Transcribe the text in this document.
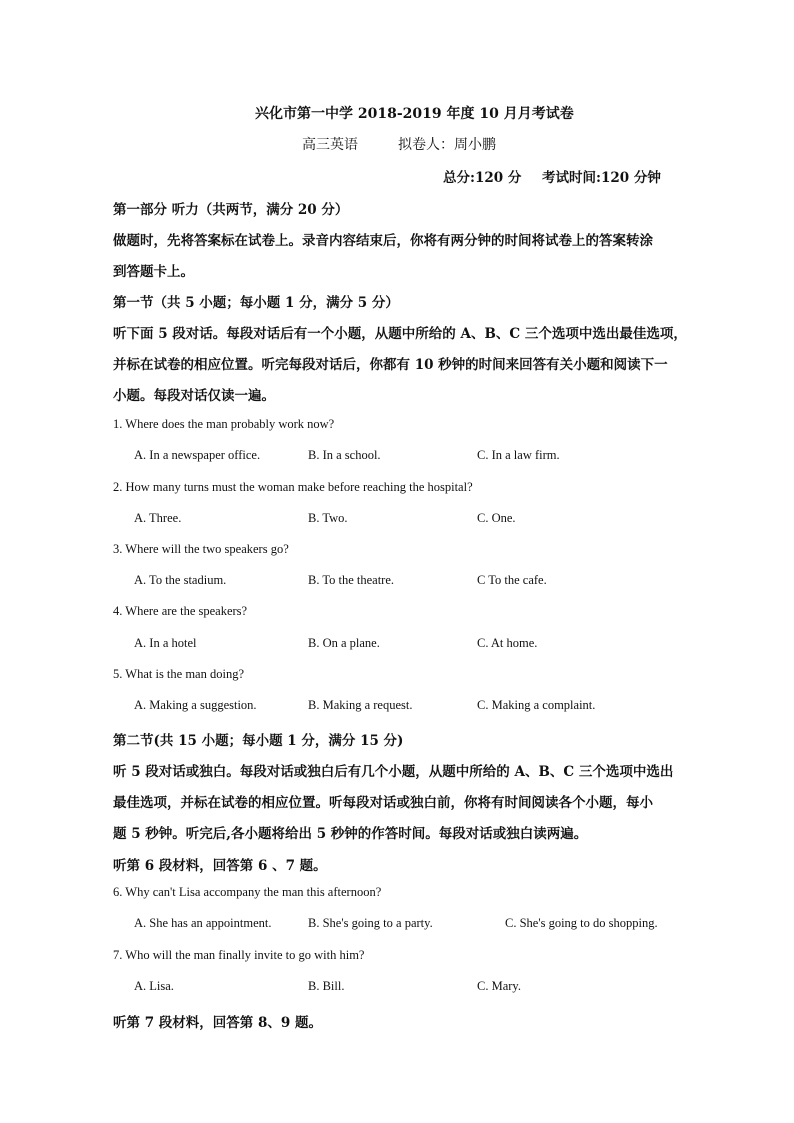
兴化市第一中学 2018-2019 年度 10 月月考试卷
高三英语	拟卷人：周小鹏
总分:120 分 考试时间:120 分钟
第一部分 听力（共两节，满分 20 分）
做题时，先将答案标在试卷上。录音内容结束后，你将有两分钟的时间将试卷上的答案转涂
到答题卡上。
第一节（共 5 小题；每小题 1 分，满分 5 分）
听下面 5 段对话。每段对话后有一个小题，从题中所给的 A、B、C 三个选项中选出最佳选项，
并标在试卷的相应位置。听完每段对话后，你都有 10 秒钟的时间来回答有关小题和阅读下一
小题。每段对话仅读一遍。
1. Where does the man probably work now?
A. In a newspaper office.	B. In a school.	C. In a law firm.
2. How many turns must the woman make before reaching the hospital?
A. Three.	B. Two.	C. One.
3. Where will the two speakers go?
A. To the stadium.	B. To the theatre.	C To the cafe.
4. Where are the speakers?
A. In a hotel	B. On a plane.	C. At home.
5. What is the man doing?
A. Making a suggestion.	B. Making a request.	C. Making a complaint.
第二节(共 15 小题；每小题 1 分，满分 15 分)
听 5 段对话或独白。每段对话或独白后有几个小题，从题中所给的 A、B、C 三个选项中选出
最佳选项，并标在试卷的相应位置。听每段对话或独白前，你将有时间阅读各个小题，每小
题 5 秒钟。听完后,各小题将给出 5 秒钟的作答时间。每段对话或独白读两遍。
听第 6 段材料，回答第 6 、7 题。
6. Why can't Lisa accompany the man this afternoon?
A. She has an appointment.	B. She's going to a party.	C. She's going to do shopping.
7. Who will the man finally invite to go with him?
A. Lisa.	B. Bill.	C. Mary.
听第 7 段材料，回答第 8、9 题。
